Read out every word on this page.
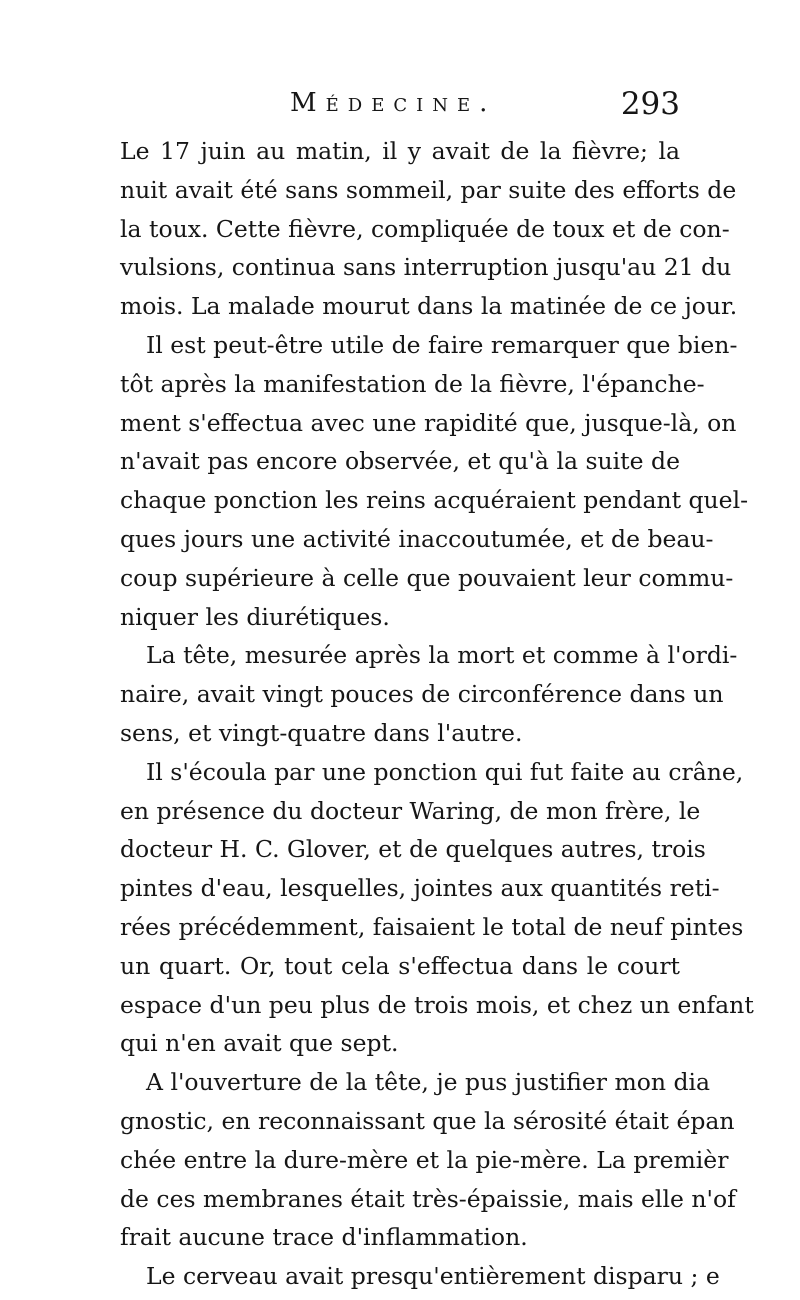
Médecine.	293
Le 17 juin au matin, il y avait de la fièvre; la
nuit avait été sans sommeil, par suite des efforts de
la toux. Cette fièvre, compliquée de toux et de con-
vulsions, continua sans interruption jusqu'au 21 du
mois. La malade mourut dans la matinée de ce jour.
Il est peut-être utile de faire remarquer que bien-
tôt après la manifestation de la fièvre, l'épanche-
ment s'effectua avec une rapidité que, jusque-là, on
n'avait pas encore observée, et qu'à la suite de
chaque ponction les reins acquéraient pendant quel-
ques jours une activité inaccoutumée, et de beau-
coup supérieure à celle que pouvaient leur commu-
niquer les diurétiques.
La tête, mesurée après la mort et comme à l'ordi-
naire, avait vingt pouces de circonférence dans un
sens, et vingt-quatre dans l'autre.
Il s'écoula par une ponction qui fut faite au crâne,
en présence du docteur Waring, de mon frère, le
docteur H. C. Glover, et de quelques autres, trois
pintes d'eau, lesquelles, jointes aux quantités reti-
rées précédemment, faisaient le total de neuf pintes
un quart. Or, tout cela s'effectua dans le court
espace d'un peu plus de trois mois, et chez un enfant
qui n'en avait que sept.
A l'ouverture de la tête, je pus justifier mon dia
gnostic, en reconnaissant que la sérosité était épan
chée entre la dure-mère et la pie-mère. La premièr
de ces membranes était très-épaissie, mais elle n'of
frait aucune trace d'inflammation.
Le cerveau avait presqu'entièrement disparu ; e
